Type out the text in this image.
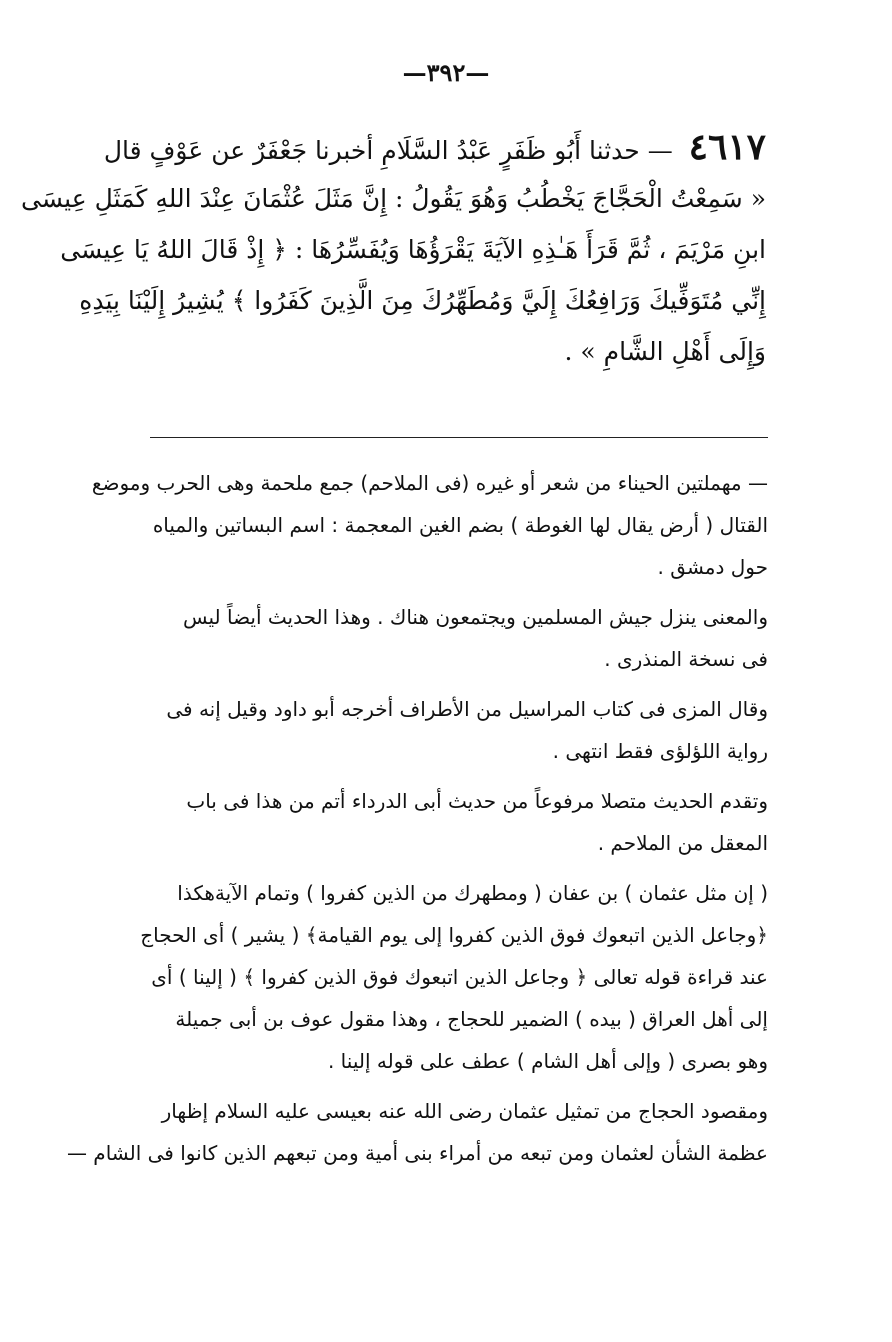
—٣٩٢—
٤٦١٧ — حدثنا أَبُو ظَفَرٍ عَبْدُ السَّلَامِ أخبرنا جَعْفَرٌ عن عَوْفٍ قال
« سَمِعْتُ الْحَجَّاجَ يَخْطُبُ وَهُوَ يَقُولُ : إِنَّ مَثَلَ عُثْمَانَ عِنْدَ اللهِ كَمَثَلِ عِيسَى
ابنِ مَرْيَمَ ، ثُمَّ قَرَأَ هَـٰذِهِ الآيَةَ يَقْرَؤُهَا وَيُفَسِّرُهَا : ﴿ إِذْ قَالَ اللهُ يَا عِيسَى
إِنِّي مُتَوَفِّيكَ وَرَافِعُكَ إِلَيَّ وَمُطَهِّرُكَ مِنَ الَّذِينَ كَفَرُوا ﴾ يُشِيرُ إِلَيْنَا بِيَدِهِ
وَإِلَى أَهْلِ الشَّامِ » .
— مهملتين الحيناء من شعر أو غيره (فى الملاحم) جمع ملحمة وهى الحرب وموضع
القتال ( أرض يقال لها الغوطة ) بضم الغين المعجمة : اسم البساتين والمياه
حول دمشق .
والمعنى ينزل جيش المسلمين ويجتمعون هناك . وهذا الحديث أيضاً ليس
فى نسخة المنذرى .
وقال المزى فى كتاب المراسيل من الأطراف أخرجه أبو داود وقيل إنه فى
رواية اللؤلؤى فقط انتهى .
وتقدم الحديث متصلا مرفوعاً من حديث أبى الدرداء أتم من هذا فى باب
المعقل من الملاحم .
( إن مثل عثمان ) بن عفان ( ومطهرك من الذين كفروا ) وتمام الآيةهكذا
﴿وجاعل الذين اتبعوك فوق الذين كفروا إلى يوم القيامة﴾ ( يشير ) أى الحجاج
عند قراءة قوله تعالى ﴿ وجاعل الذين اتبعوك فوق الذين كفروا ﴾ ( إلينا ) أى
إلى أهل العراق ( بيده ) الضمير للحجاج ، وهذا مقول عوف بن أبى جميلة
وهو بصرى ( وإلى أهل الشام ) عطف على قوله إلينا .
ومقصود الحجاج من تمثيل عثمان رضى الله عنه بعيسى عليه السلام إظهار
عظمة الشأن لعثمان ومن تبعه من أمراء بنى أمية ومن تبعهم الذين كانوا فى الشام —
